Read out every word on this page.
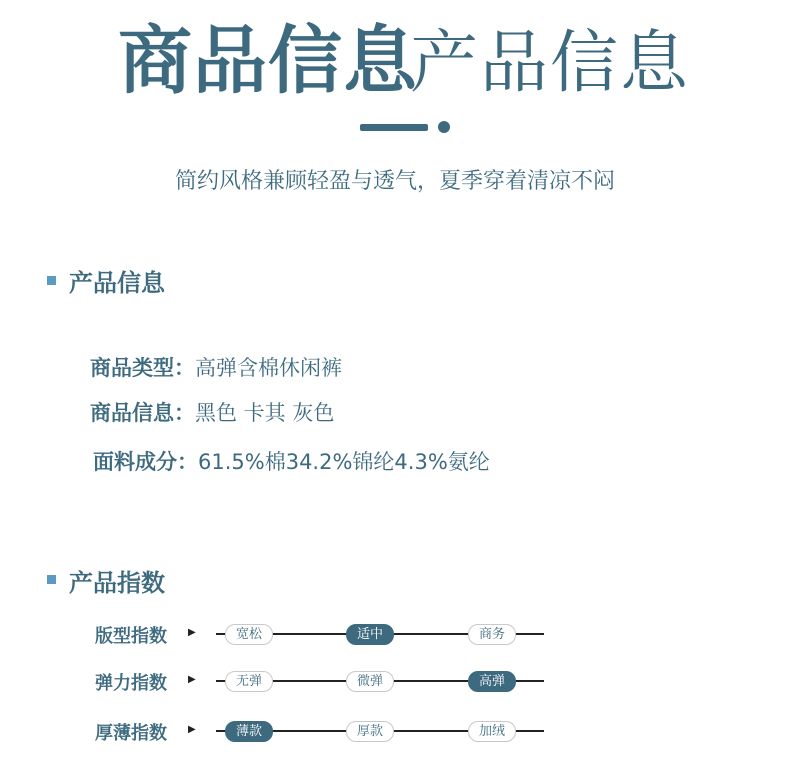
商品信息
产品信息
简约风格兼顾轻盈与透气，夏季穿着清凉不闷
产品信息
商品类型：高弹含棉休闲裤
商品信息：黑色 卡其 灰色
面料成分：61.5%棉34.2%锦纶4.3%氨纶
产品指数
版型指数 ▶	宽松	适中	商务
弹力指数 ▶	无弹	微弹	高弹
厚薄指数 ▶	薄款	厚款	加绒
